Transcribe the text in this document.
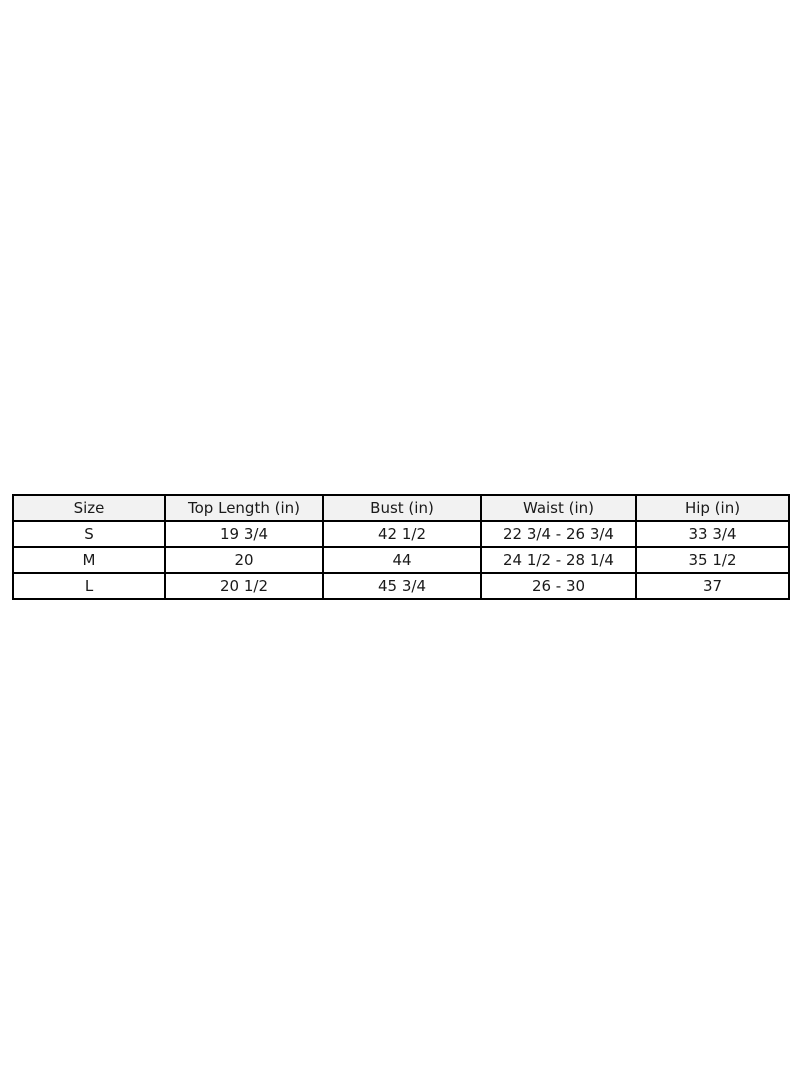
Size	Top Length (in)	Bust (in)	Waist (in)	Hip (in)
S	19 3/4	42 1/2	22 3/4 - 26 3/4	33 3/4
M	20	44	24 1/2 - 28 1/4	35 1/2
L	20 1/2	45 3/4	26 - 30	37
